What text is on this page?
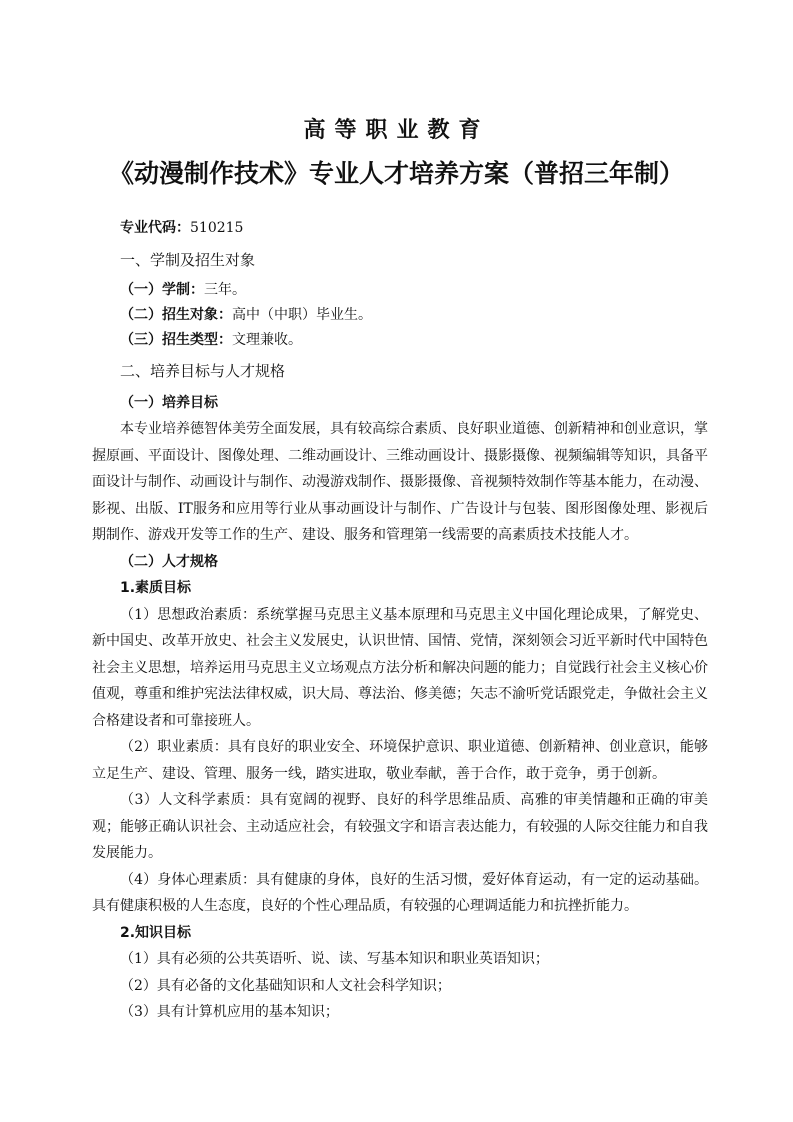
高等职业教育
《动漫制作技术》专业人才培养方案（普招三年制）

专业代码：510215

一、学制及招生对象

（一）学制：三年。

（二）招生对象：高中（中职）毕业生。

（三）招生类型：文理兼收。

二、培养目标与人才规格

（一）培养目标

本专业培养德智体美劳全面发展，具有较高综合素质、良好职业道德、创新精神和创业意识，掌握原画、平面设计、图像处理、二维动画设计、三维动画设计、摄影摄像、视频编辑等知识，具备平面设计与制作、动画设计与制作、动漫游戏制作、摄影摄像、音视频特效制作等基本能力，在动漫、影视、出版、IT服务和应用等行业从事动画设计与制作、广告设计与包装、图形图像处理、影视后期制作、游戏开发等工作的生产、建设、服务和管理第一线需要的高素质技术技能人才。

（二）人才规格

1.素质目标

（1）思想政治素质：系统掌握马克思主义基本原理和马克思主义中国化理论成果，了解党史、新中国史、改革开放史、社会主义发展史，认识世情、国情、党情，深刻领会习近平新时代中国特色社会主义思想，培养运用马克思主义立场观点方法分析和解决问题的能力；自觉践行社会主义核心价值观，尊重和维护宪法法律权威，识大局、尊法治、修美德；矢志不渝听党话跟党走，争做社会主义合格建设者和可靠接班人。

（2）职业素质：具有良好的职业安全、环境保护意识、职业道德、创新精神、创业意识，能够立足生产、建设、管理、服务一线，踏实进取，敬业奉献，善于合作，敢于竞争，勇于创新。

（3）人文科学素质：具有宽阔的视野、良好的科学思维品质、高雅的审美情趣和正确的审美观；能够正确认识社会、主动适应社会，有较强文字和语言表达能力，有较强的人际交往能力和自我发展能力。

（4）身体心理素质：具有健康的身体，良好的生活习惯，爱好体育运动，有一定的运动基础。具有健康积极的人生态度，良好的个性心理品质，有较强的心理调适能力和抗挫折能力。

2.知识目标

（1）具有必须的公共英语听、说、读、写基本知识和职业英语知识；

（2）具有必备的文化基础知识和人文社会科学知识；

（3）具有计算机应用的基本知识；
